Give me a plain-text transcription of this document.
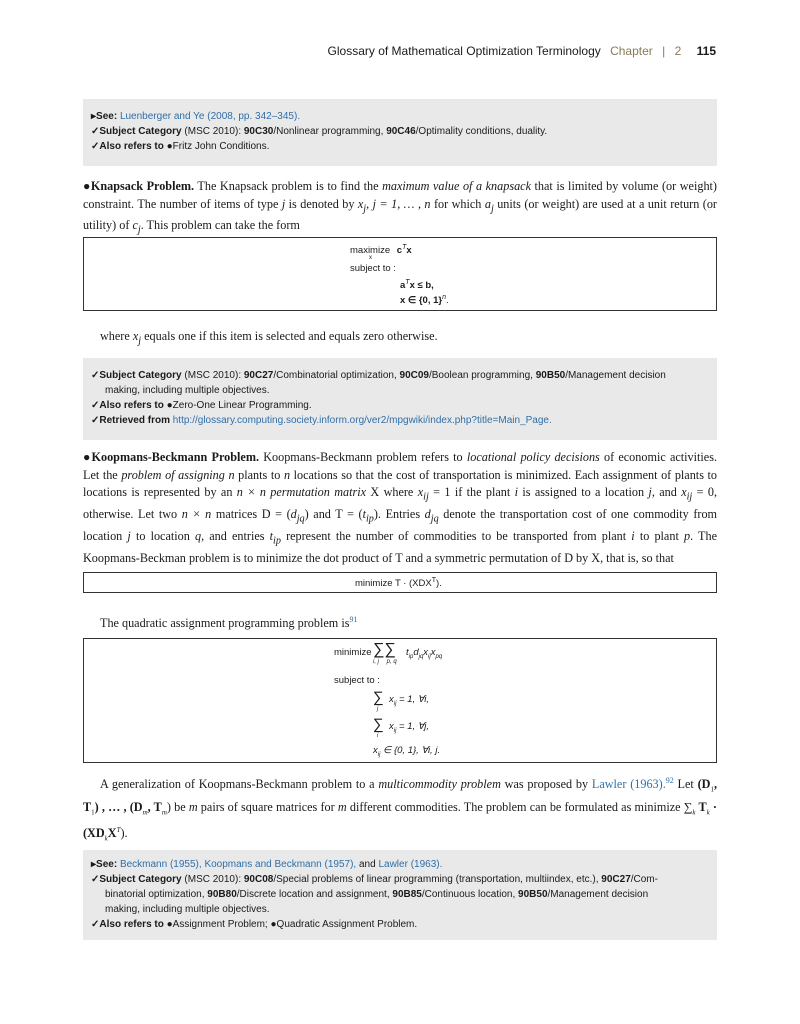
Glossary of Mathematical Optimization Terminology Chapter | 2 115
▸See: Luenberger and Ye (2008, pp. 342–345).
✓Subject Category (MSC 2010): 90C30/Nonlinear programming, 90C46/Optimality conditions, duality.
✓Also refers to ●Fritz John Conditions.

●Knapsack Problem. The Knapsack problem is to find the maximum value of a knapsack that is limited by volume (or weight) constraint. The number of items of type j is denoted by $x_j$, j = 1, … , n for which $a_j$ units (or weight) are used at a unit return (or utility) of $c_j$. This problem can take the form

maximize $c^Tx$
x
subject to :
$a^Tx \le b$,
x ∈ {0, 1}$^n$.
where $x_j$ equals one if this item is selected and equals zero otherwise.
✓Subject Category (MSC 2010): 90C27/Combinatorial optimization, 90C09/Boolean programming, 90B50/Management decision
making, including multiple objectives.
✓Also refers to ●Zero-One Linear Programming.
✓Retrieved from http://glossary.computing.society.inform.org/ver2/mpgwiki/index.php?title=Main_Page.

●Koopmans-Beckmann Problem. Koopmans-Beckmann problem refers to locational policy decisions of economic activities. Let the problem of assigning n plants to n locations so that the cost of transportation is minimized. Each assignment of plants to locations is represented by an n × n permutation matrix X where $x_{ij} = 1$ if the plant i is assigned to a location j, and $x_{ij} = 0$, otherwise. Let two n × n matrices $D = (d_{jq})$ and $T = (t_{ip})$. Entries $d_{jq}$ denote the transportation cost of one commodity from location j to location q, and entries $t_{ip}$ represent the number of commodities to be transported from plant i to plant p. The Koopmans-Beckman problem is to minimize the dot product of T and a symmetric permutation of D by X, that is, so that

minimize $T \cdot (XDX^T)$.
The quadratic assignment programming problem $is^{91}$
minimize ∑∑
i, j p, q
$t_{ip}d_{jq}x_{ij}x_{pq}$
subject to :
∑
j
$x_{ij} = 1$, ∀i,
∑
i
$x_{ij} = 1$, ∀j,
$x_{ij}$ ∈ {0, 1}, ∀i, j.

A generalization of Koopmans-Beckmann problem to a multicommodity problem was proposed by Lawler (1963).$^{92}$ Let ($D_1$, $T_1$) , … , ($D_m$, $T_m$) be m pairs of square matrices for m different commodities. The problem can be formulated as minimize $\sum_k$ $T_k \cdot (XD_kX^T)$.

▸See: Beckmann (1955), Koopmans and Beckmann (1957), and Lawler (1963).
✓Subject Category (MSC 2010): 90C08/Special problems of linear programming (transportation, multiindex, etc.), 90C27/Com-
binatorial optimization, 90B80/Discrete location and assignment, 90B85/Continuous location, 90B50/Management decision
making, including multiple objectives.
✓Also refers to ●Assignment Problem; ●Quadratic Assignment Problem.
